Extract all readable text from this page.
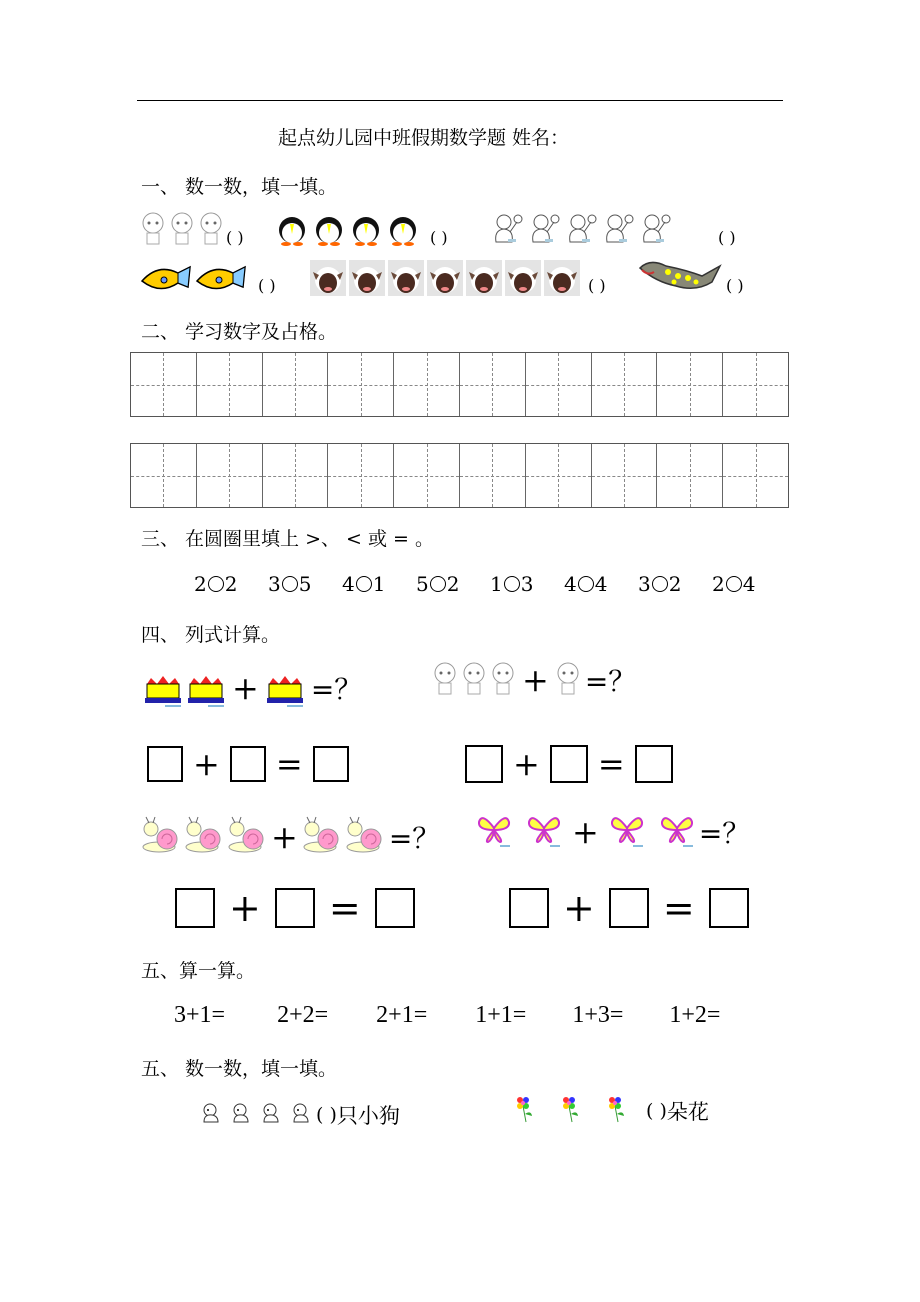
起点幼儿园中班假期数学题 姓名：
一、 数一数，填一填。
( )	( )	( )
( )	( )	( )
二、 学习数字及占格。
三、 在圆圈里填上 >、 < 或 = 。
2 2	3 5	4 1	5 2	1 3	4 4	3 2	2 4
四、 列式计算。
+ =？	+ =？
+ =	+ =
+	=？	+	=？
+ =	+ =
五、算一算。
3+1= 2+2= 2+1= 1+1= 1+3= 1+2=
五、 数一数，填一填。
( ) 只小狗	( ) 朵花
